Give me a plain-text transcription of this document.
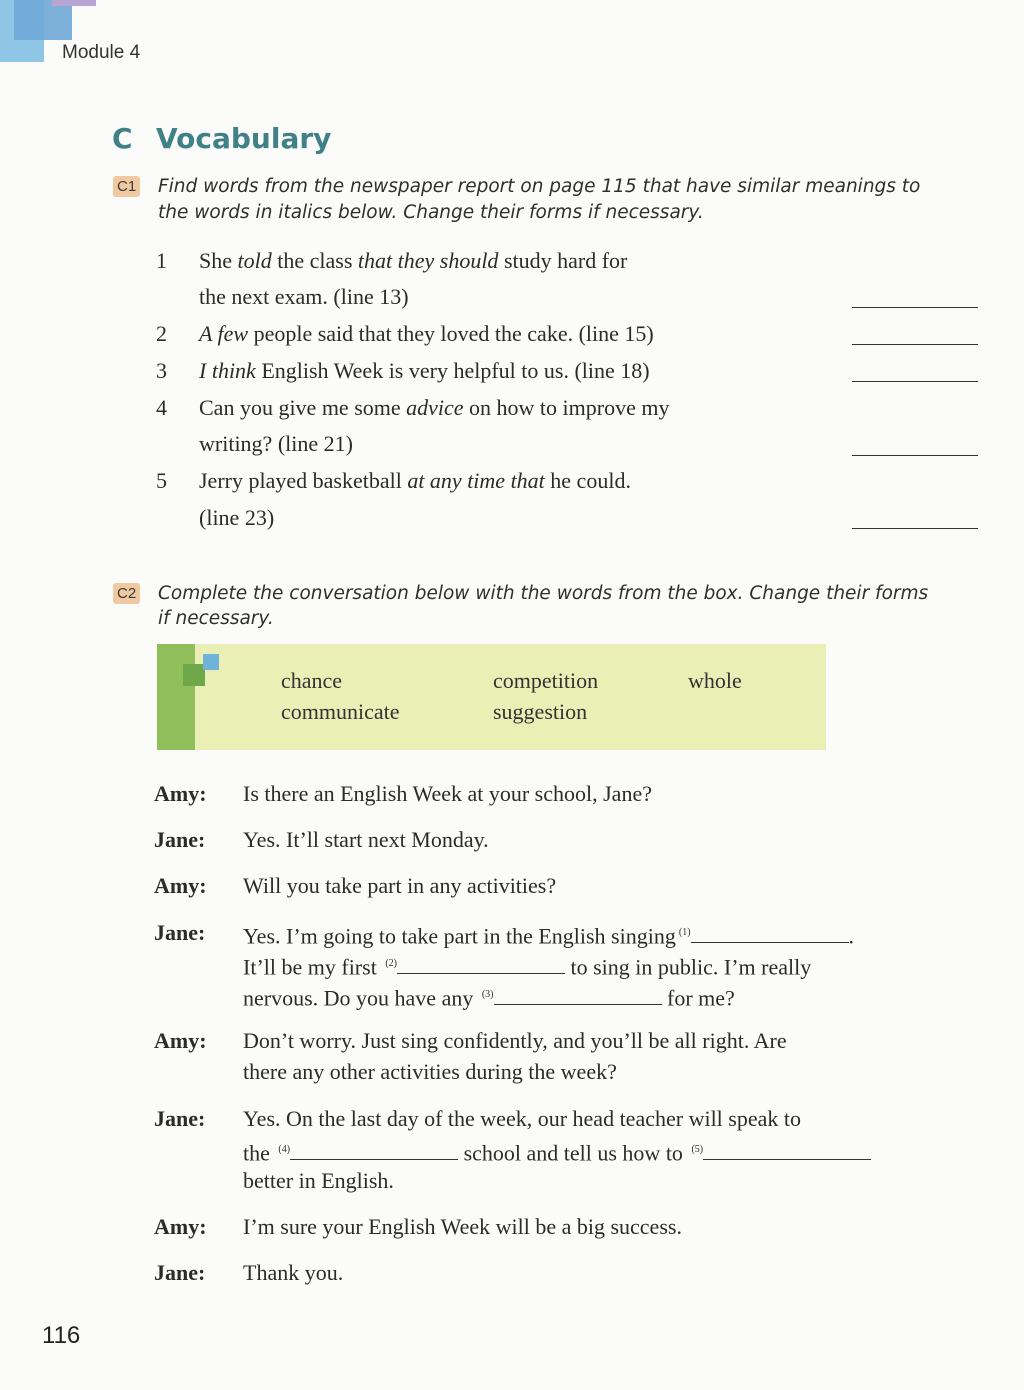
Module 4
C Vocabulary
C1 Find words from the newspaper report on page 115 that have similar meanings to
the words in italics below. Change their forms if necessary.
1 She told the class that they should study hard for
the next exam. (line 13)
2 A few people said that they loved the cake. (line 15)
3 I think English Week is very helpful to us. (line 18)
4 Can you give me some advice on how to improve my
writing? (line 21)
5 Jerry played basketball at any time that he could.
(line 23)
C2 Complete the conversation below with the words from the box. Change their forms
if necessary.
chance	competition	whole
communicate	suggestion
Amy:	Is there an English Week at your school, Jane?
Jane:	Yes. It’ll start next Monday.
Amy:	Will you take part in any activities?
Jane:	Yes. I’m going to take part in the English singing $^{(1)}$	.
It’ll be my first $^{(2)}$	to sing in public. I’m really
nervous. Do you have any $^{(3)}$	for me?
Amy:	Don’t worry. Just sing confidently, and you’ll be all right. Are
there any other activities during the week?
Jane:	Yes. On the last day of the week, our head teacher will speak to
the $^{(4)}$	school and tell us how to $^{(5)}$
better in English.
Amy:	I’m sure your English Week will be a big success.
Jane:	Thank you.
116
